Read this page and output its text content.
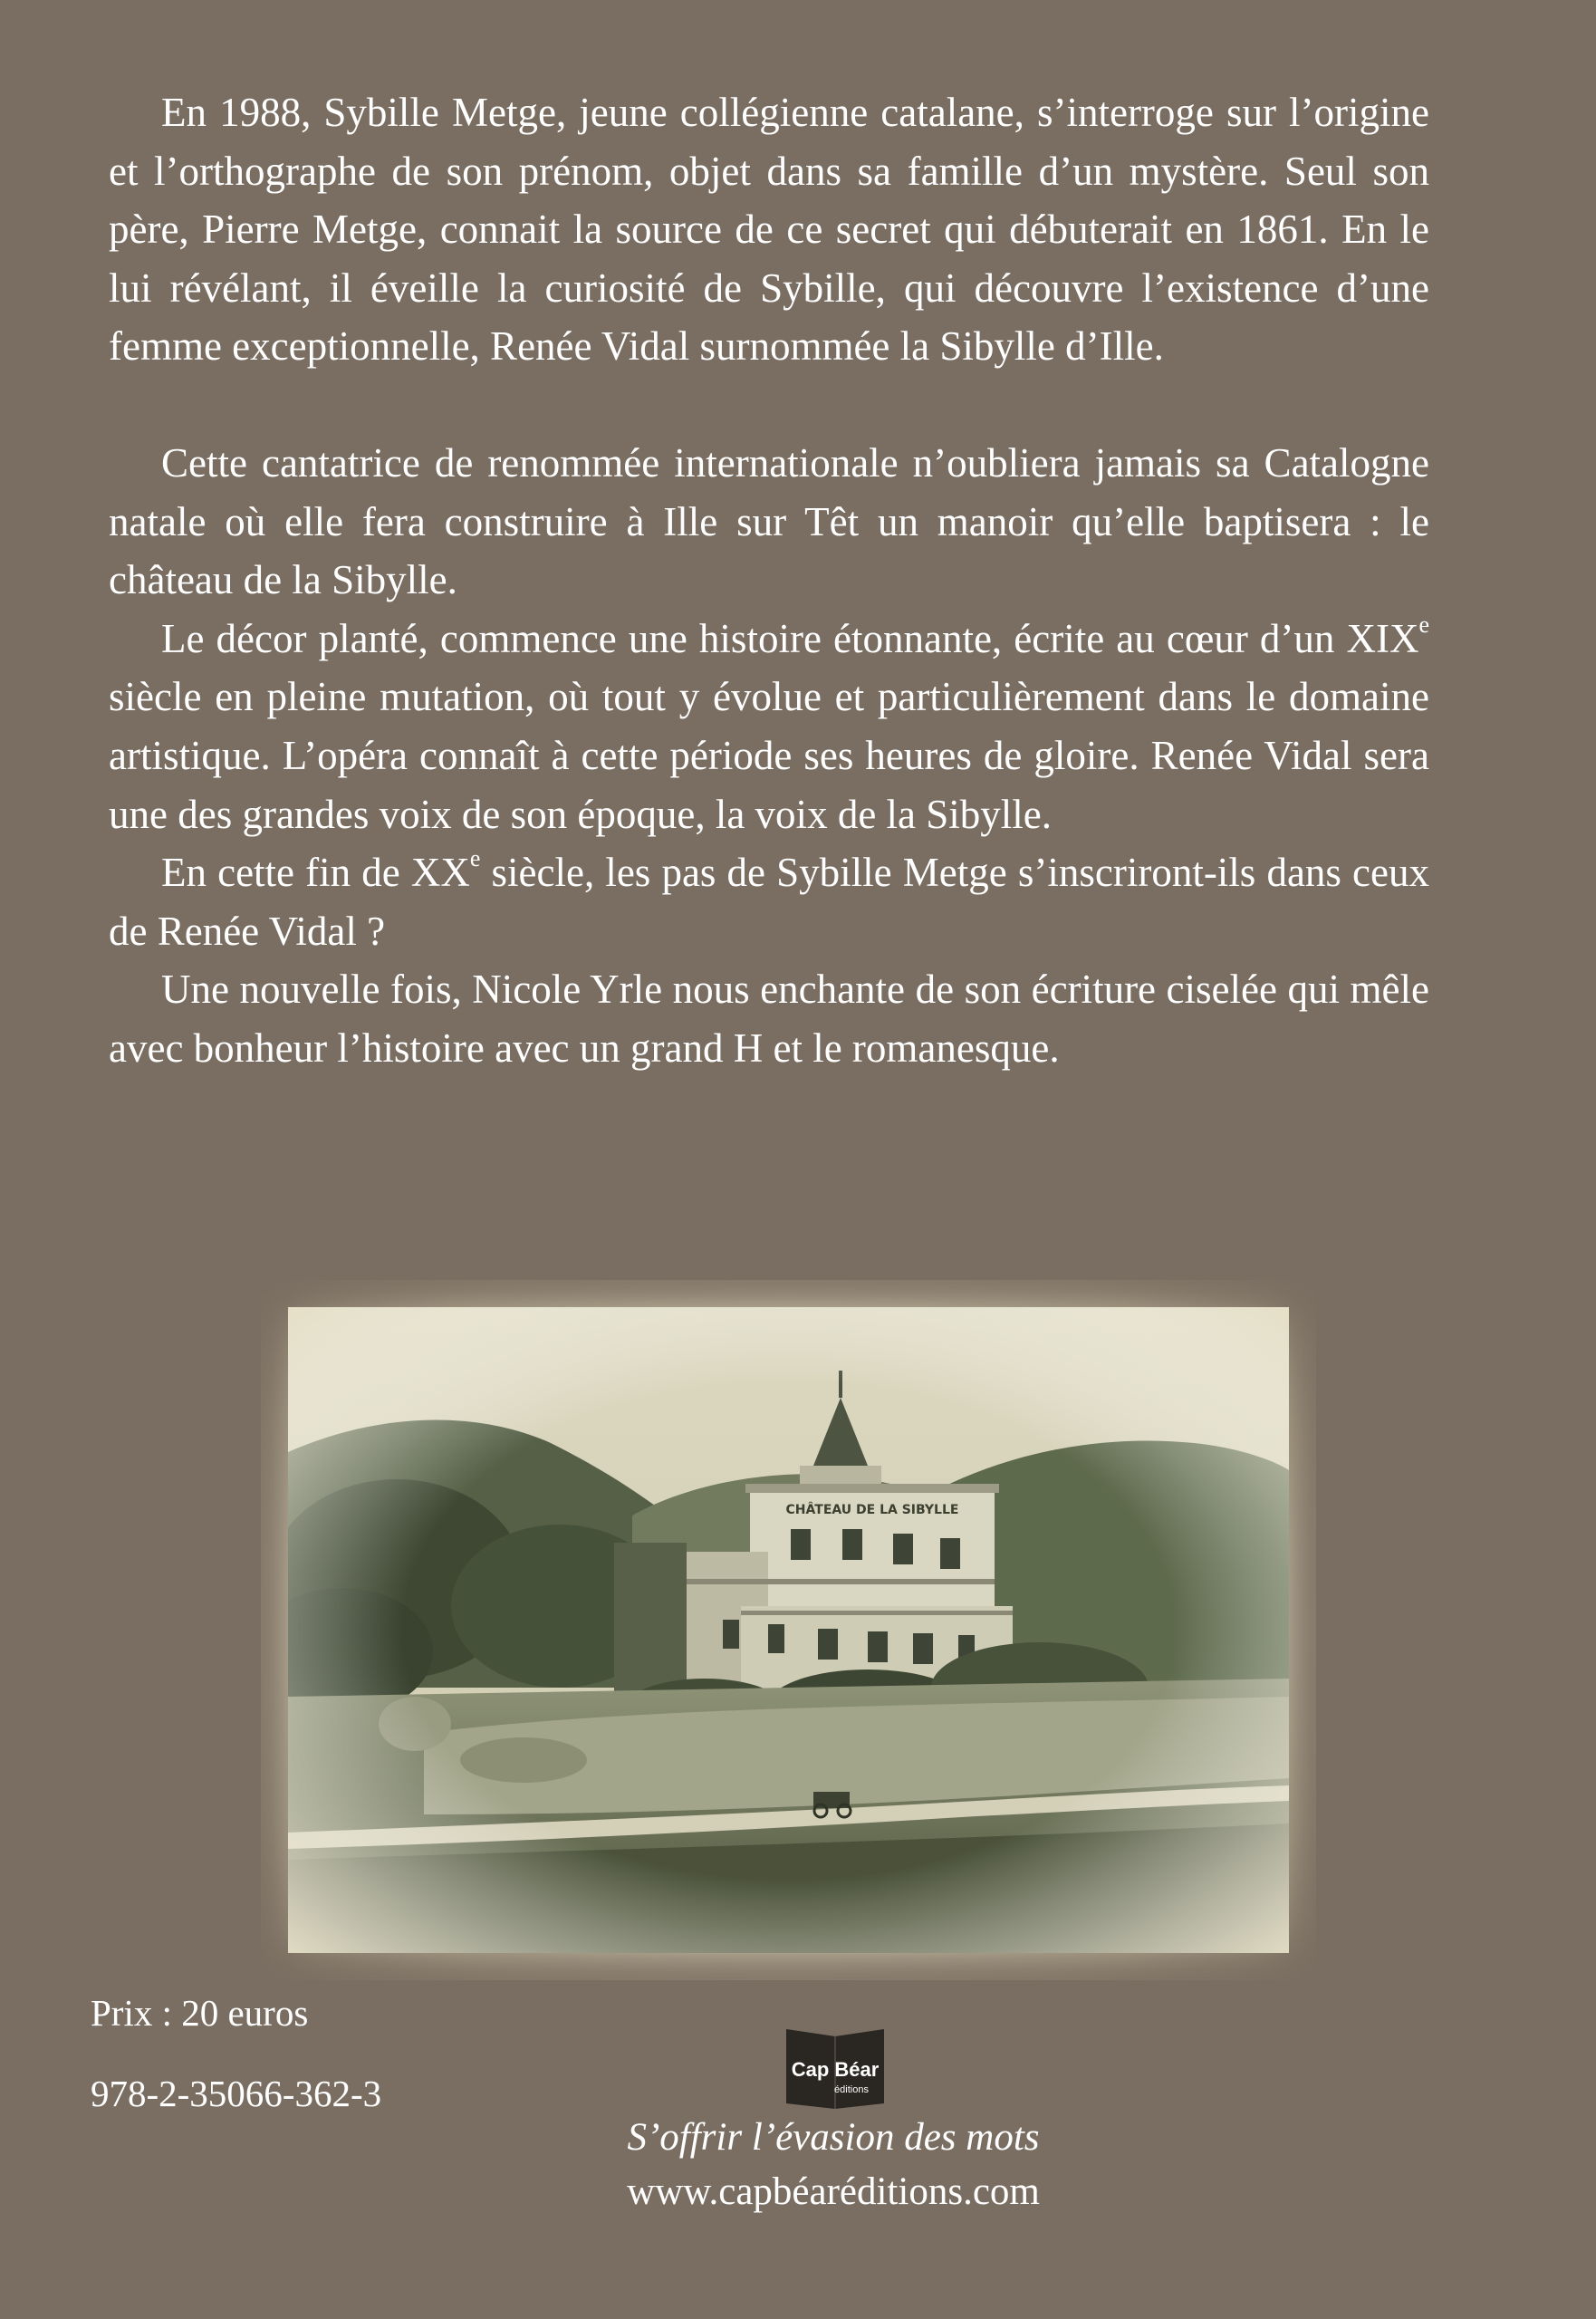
En 1988, Sybille Metge, jeune collégienne catalane, s’interroge sur l’origine et l’orthographe de son prénom, objet dans sa famille d’un mystère. Seul son père, Pierre Metge, connait la source de ce secret qui débuterait en 1861. En le lui révélant, il éveille la curiosité de Sybille, qui découvre l’existence d’une femme exceptionnelle, Renée Vidal surnommée la Sibylle d’Ille.

Cette cantatrice de renommée internationale n’oubliera jamais sa Catalogne natale où elle fera construire à Ille sur Têt un manoir qu’elle baptisera : le château de la Sibylle.

Le décor planté, commence une histoire étonnante, écrite au cœur d’un XIXe siècle en pleine mutation, où tout y évolue et particulièrement dans le domaine artistique. L’opéra connaît à cette période ses heures de gloire. Renée Vidal sera une des grandes voix de son époque, la voix de la Sibylle.

En cette fin de XXe siècle, les pas de Sybille Metge s’inscriront-ils dans ceux de Renée Vidal ?

Une nouvelle fois, Nicole Yrle nous enchante de son écriture ciselée qui mêle avec bonheur l’histoire avec un grand H et le romanesque.

Prix : 20 euros
978-2-35066-362-3
Cap Béar
éditions
S’offrir l’évasion des mots
www.capbéaréditions.com
